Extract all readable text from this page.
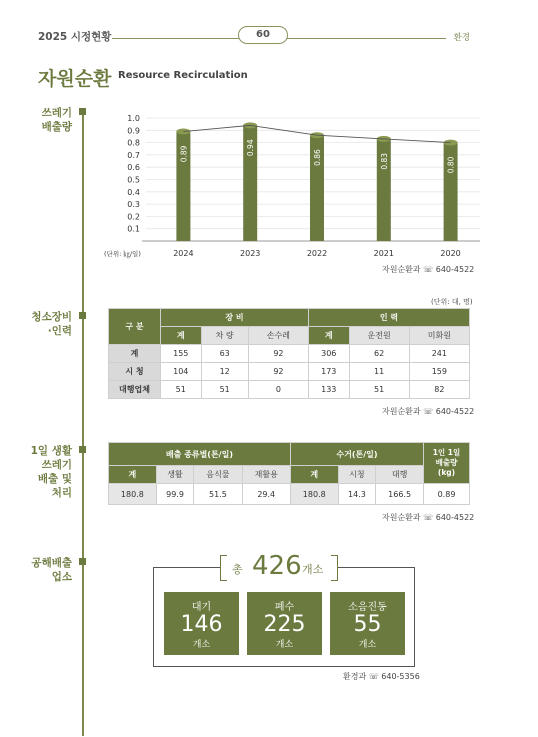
2025 시정현황	60	환경
자원순환 Resource Recirculation
쓰레기
배출량
청소장비
·인력
1일 생활
쓰레기
배출 및
처리
공해배출
업소
1.0
0.9
0.8
0.7
0.6
0.5
0.4
0.3
0.2
0.1
0.89
2024
0.94
2023
0.86
2022
0.83
2021
0.80
2020
(단위: ㎏/일)
자원순환과 ☏ 640-4522
(단위: 대, 명)
구 분	장 비			인 력		
	계	차 량	손수레	계	운전원	미화원
계	155	63	92	306	62	241
시 청	104	12	92	173	11	159
대행업체	51	51	0	133	51	82
자원순환과 ☏ 640-4522
배출 종류별(톤/일)				수거(톤/일)			1인 1일
배출량
(kg)
계	생활	음식물	재활용	계	시청	대행	
180.8	99.9	51.5	29.4	180.8	14.3	166.5	0.89
자원순환과 ☏ 640-4522
총 426 개소
대기
146
개소
폐수
225
개소
소음진동
55
개소
환경과 ☏ 640-5356
